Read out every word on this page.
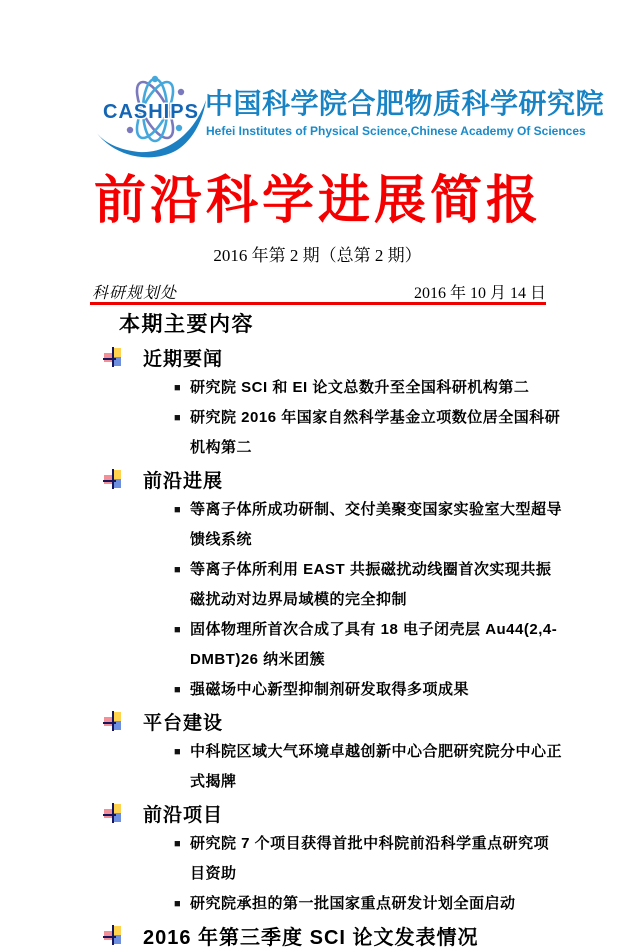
CASHIPS 中国科学院合肥物质科学研究院
Hefei Institutes of Physical Science,Chinese Academy Of Sciences
前沿科学进展简报
2016 年第 2 期（总第 2 期）
科研规划处	2016 年 10 月 14 日
本期主要内容
近期要闻
■ 研究院 SCI 和 EI 论文总数升至全国科研机构第二
■ 研究院 2016 年国家自然科学基金立项数位居全国科研机构第二
前沿进展
■ 等离子体所成功研制、交付美聚变国家实验室大型超导馈线系统
■ 等离子体所利用 EAST 共振磁扰动线圈首次实现共振磁扰动对边界局域模的完全抑制
■ 固体物理所首次合成了具有 18 电子闭壳层 Au44(2,4-DMBT)26 纳米团簇
■ 强磁场中心新型抑制剂研发取得多项成果
平台建设
■ 中科院区域大气环境卓越创新中心合肥研究院分中心正式揭牌
前沿项目
■ 研究院 7 个项目获得首批中科院前沿科学重点研究项目资助
■ 研究院承担的第一批国家重点研发计划全面启动
2016 年第三季度 SCI 论文发表情况
